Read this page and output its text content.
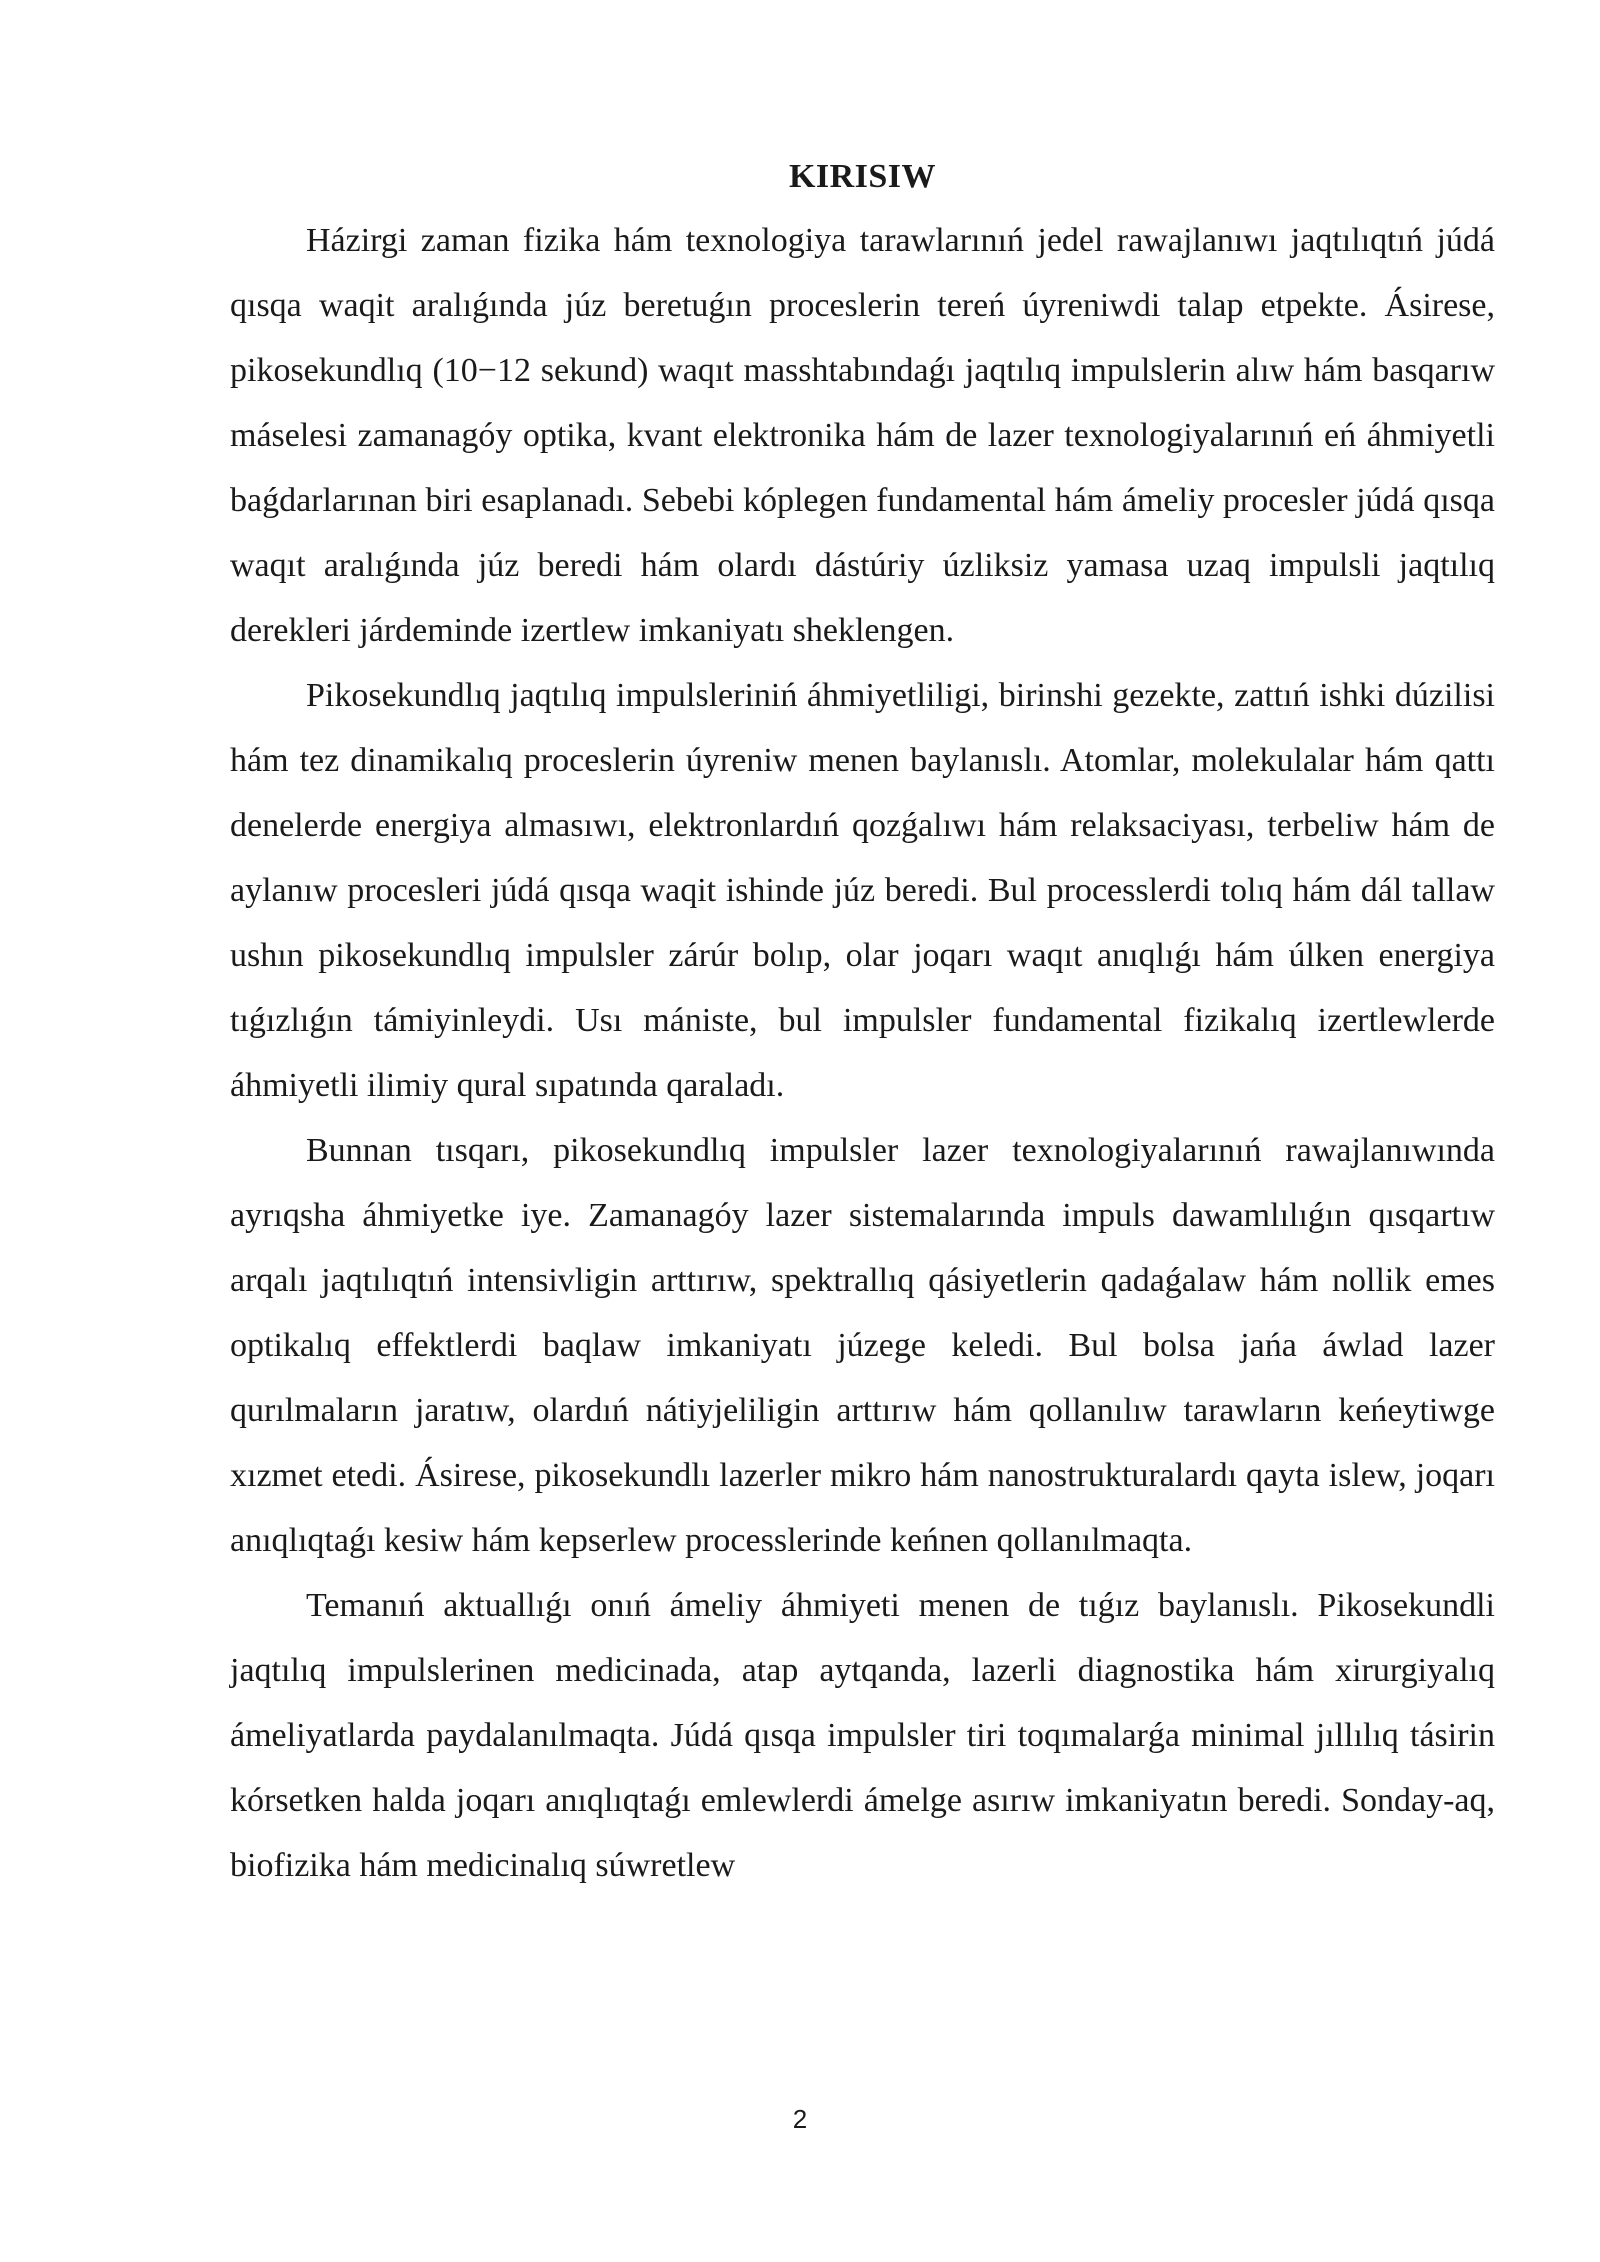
KIRISIW

Házirgi zaman fizika hám texnologiya tarawlarınıń jedel rawajlanıwı jaqtılıqtıń júdá qısqa waqit aralıǵında júz beretuǵın proceslerin tereń úyreniwdi talap etpekte. Ásirese, pikosekundlıq (10−12 sekund) waqıt masshtabındaǵı jaqtılıq impulslerin alıw hám basqarıw máselesi zamanagóy optika, kvant elektronika hám de lazer texnologiyalarınıń eń áhmiyetli baǵdarlarınan biri esaplanadı. Sebebi kóplegen fundamental hám ámeliy procesler júdá qısqa waqıt aralıǵında júz beredi hám olardı dástúriy úzliksiz yamasa uzaq impulsli jaqtılıq derekleri járdeminde izertlew imkaniyatı sheklengen.

Pikosekundlıq jaqtılıq impulsleriniń áhmiyetliligi, birinshi gezekte, zattıń ishki dúzilisi hám tez dinamikalıq proceslerin úyreniw menen baylanıslı. Atomlar, molekulalar hám qattı denelerde energiya almasıwı, elektronlardıń qozǵalıwı hám relaksaciyası, terbeliw hám de aylanıw procesleri júdá qısqa waqit ishinde júz beredi. Bul processlerdi tolıq hám dál tallaw ushın pikosekundlıq impulsler zárúr bolıp, olar joqarı waqıt anıqlıǵı hám úlken energiya tıǵızlıǵın támiyinleydi. Usı mániste, bul impulsler fundamental fizikalıq izertlewlerde áhmiyetli ilimiy qural sıpatında qaraladı.

Bunnan tısqarı, pikosekundlıq impulsler lazer texnologiyalarınıń rawajlanıwında ayrıqsha áhmiyetke iye. Zamanagóy lazer sistemalarında impuls dawamlılıǵın qısqartıw arqalı jaqtılıqtıń intensivligin arttırıw, spektrallıq qásiyetlerin qadaǵalaw hám nollik emes optikalıq effektlerdi baqlaw imkaniyatı júzege keledi. Bul bolsa jańa áwlad lazer qurılmaların jaratıw, olardıń nátiyjeliligin arttırıw hám qollanılıw tarawların keńeytiwge xızmet etedi. Ásirese, pikosekundlı lazerler mikro hám nanostrukturalardı qayta islew, joqarı anıqlıqtaǵı kesiw hám kepserlew processlerinde keńnen qollanılmaqta.

Temanıń aktuallıǵı onıń ámeliy áhmiyeti menen de tıǵız baylanıslı. Pikosekundli jaqtılıq impulslerinen medicinada, atap aytqanda, lazerli diagnostika hám xirurgiyalıq ámeliyatlarda paydalanılmaqta. Júdá qısqa impulsler tiri toqımalarǵa minimal jıllılıq tásirin kórsetken halda joqarı anıqlıqtaǵı emlewlerdi ámelge asırıw imkaniyatın beredi. Sonday-aq, biofizika hám medicinalıq súwretlew

2
